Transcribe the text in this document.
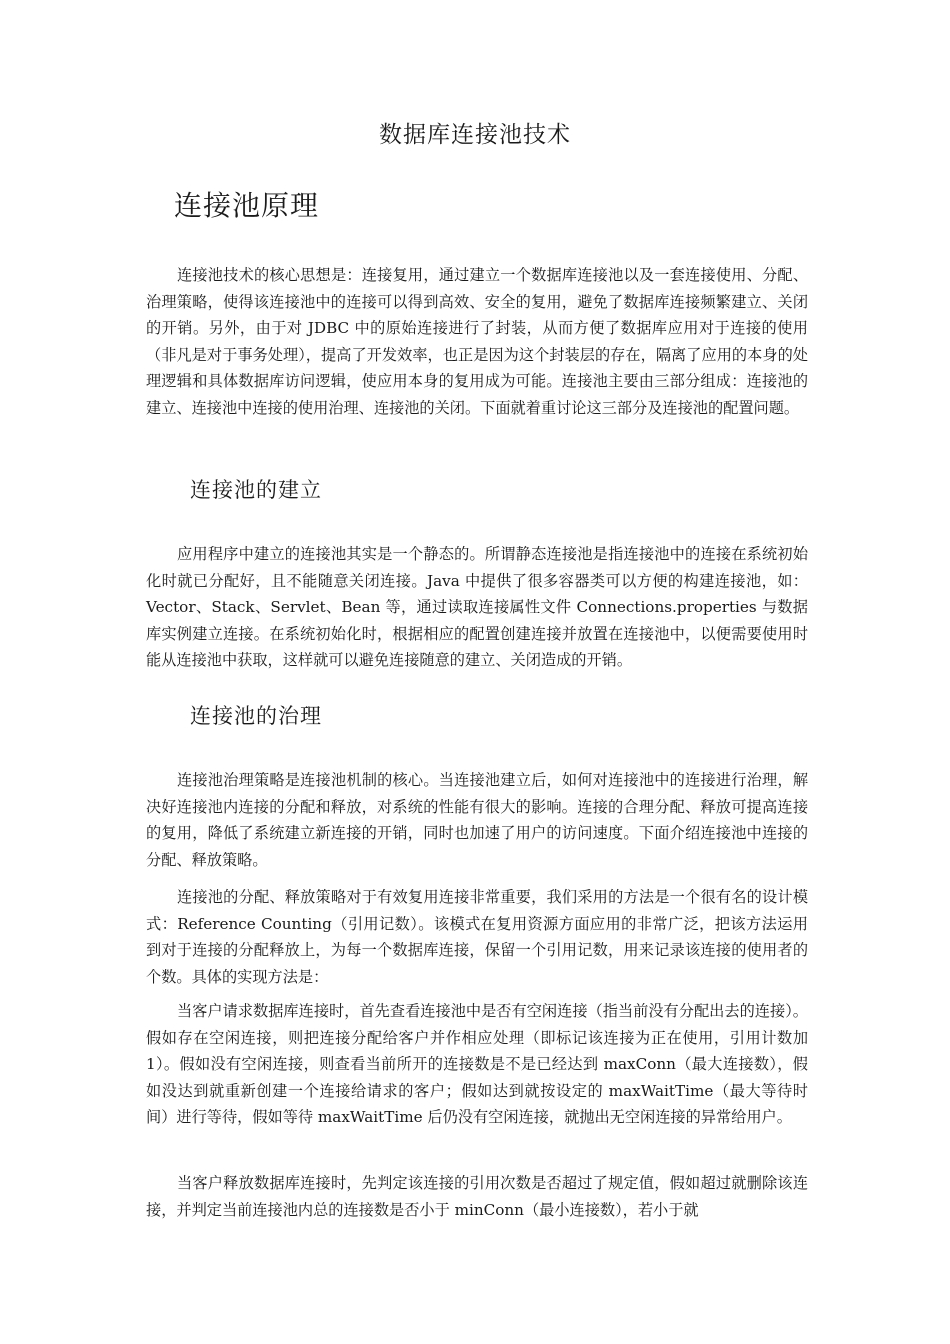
数据库连接池技术
连接池原理

连接池技术的核心思想是：连接复用，通过建立一个数据库连接池以及一套连接使用、分配、治理策略，使得该连接池中的连接可以得到高效、安全的复用，避免了数据库连接频繁建立、关闭的开销。另外，由于对 JDBC 中的原始连接进行了封装，从而方便了数据库应用对于连接的使用（非凡是对于事务处理），提高了开发效率，也正是因为这个封装层的存在，隔离了应用的本身的处理逻辑和具体数据库访问逻辑，使应用本身的复用成为可能。连接池主要由三部分组成：连接池的建立、连接池中连接的使用治理、连接池的关闭。下面就着重讨论这三部分及连接池的配置问题。

连接池的建立

应用程序中建立的连接池其实是一个静态的。所谓静态连接池是指连接池中的连接在系统初始化时就已分配好，且不能随意关闭连接。Java 中提供了很多容器类可以方便的构建连接池，如：Vector、Stack、Servlet、Bean 等，通过读取连接属性文件 Connections.properties 与数据库实例建立连接。在系统初始化时，根据相应的配置创建连接并放置在连接池中，以便需要使用时能从连接池中获取，这样就可以避免连接随意的建立、关闭造成的开销。

连接池的治理

连接池治理策略是连接池机制的核心。当连接池建立后，如何对连接池中的连接进行治理，解决好连接池内连接的分配和释放，对系统的性能有很大的影响。连接的合理分配、释放可提高连接的复用，降低了系统建立新连接的开销，同时也加速了用户的访问速度。下面介绍连接池中连接的分配、释放策略。

连接池的分配、释放策略对于有效复用连接非常重要，我们采用的方法是一个很有名的设计模式：Reference Counting（引用记数）。该模式在复用资源方面应用的非常广泛，把该方法运用到对于连接的分配释放上，为每一个数据库连接，保留一个引用记数，用来记录该连接的使用者的个数。具体的实现方法是：

当客户请求数据库连接时，首先查看连接池中是否有空闲连接（指当前没有分配出去的连接）。假如存在空闲连接，则把连接分配给客户并作相应处理（即标记该连接为正在使用，引用计数加 1）。假如没有空闲连接，则查看当前所开的连接数是不是已经达到 maxConn（最大连接数），假如没达到就重新创建一个连接给请求的客户；假如达到就按设定的 maxWaitTime（最大等待时间）进行等待，假如等待 maxWaitTime 后仍没有空闲连接，就抛出无空闲连接的异常给用户。

当客户释放数据库连接时，先判定该连接的引用次数是否超过了规定值，假如超过就删除该连接，并判定当前连接池内总的连接数是否小于 minConn（最小连接数），若小于就
